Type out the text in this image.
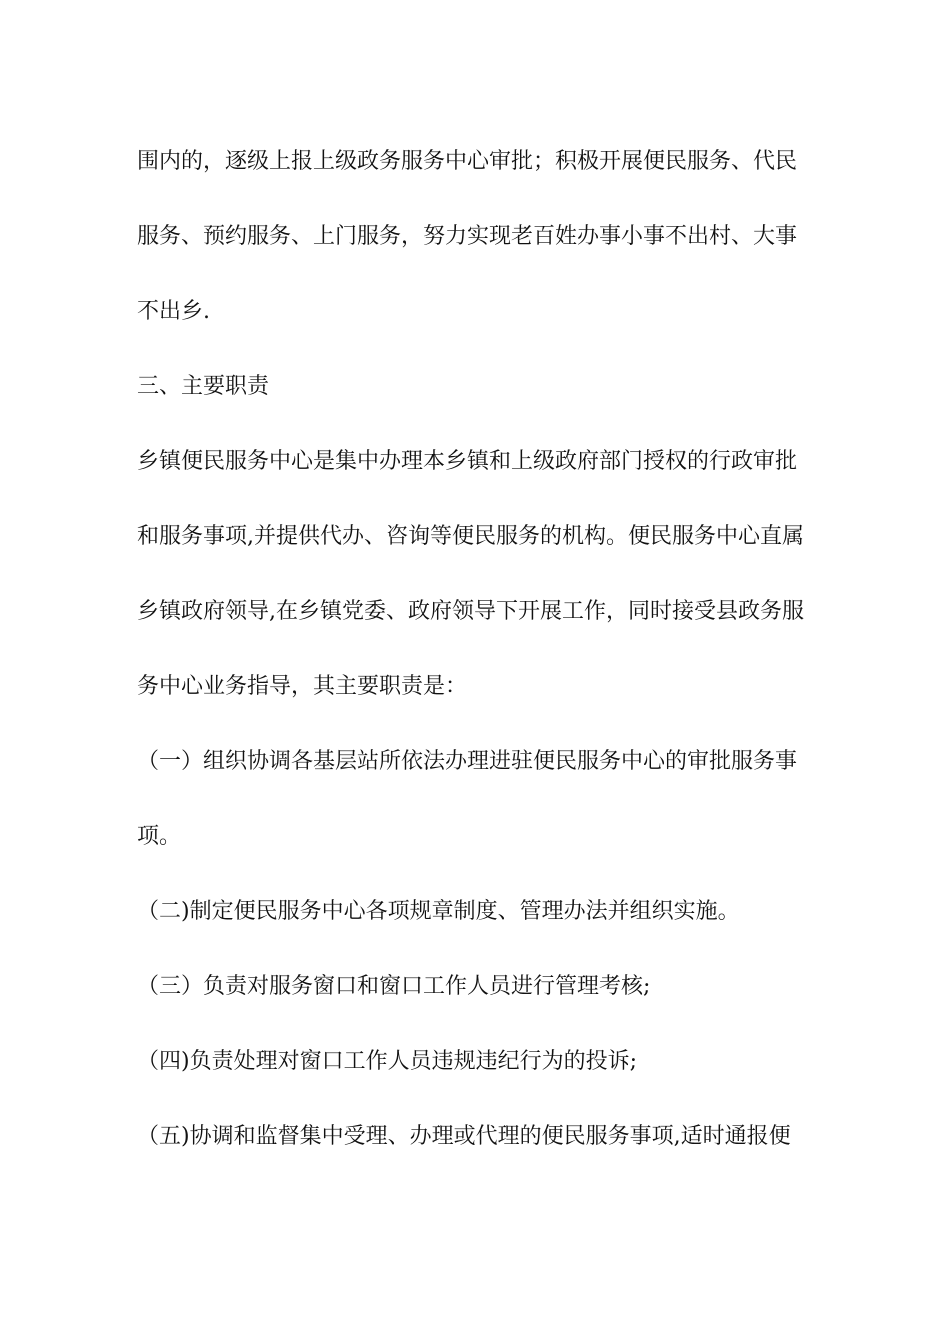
围内的，逐级上报上级政务服务中心审批；积极开展便民服务、代民
服务、预约服务、上门服务，努力实现老百姓办事小事不出村、大事
不出乡.
三、主要职责
乡镇便民服务中心是集中办理本乡镇和上级政府部门授权的行政审批
和服务事项,并提供代办、咨询等便民服务的机构。便民服务中心直属
乡镇政府领导,在乡镇党委、政府领导下开展工作，同时接受县政务服
务中心业务指导，其主要职责是：
（一）组织协调各基层站所依法办理进驻便民服务中心的审批服务事
项。
（二)制定便民服务中心各项规章制度、管理办法并组织实施。
（三）负责对服务窗口和窗口工作人员进行管理考核;
（四)负责处理对窗口工作人员违规违纪行为的投诉;
（五)协调和监督集中受理、办理或代理的便民服务事项,适时通报便
